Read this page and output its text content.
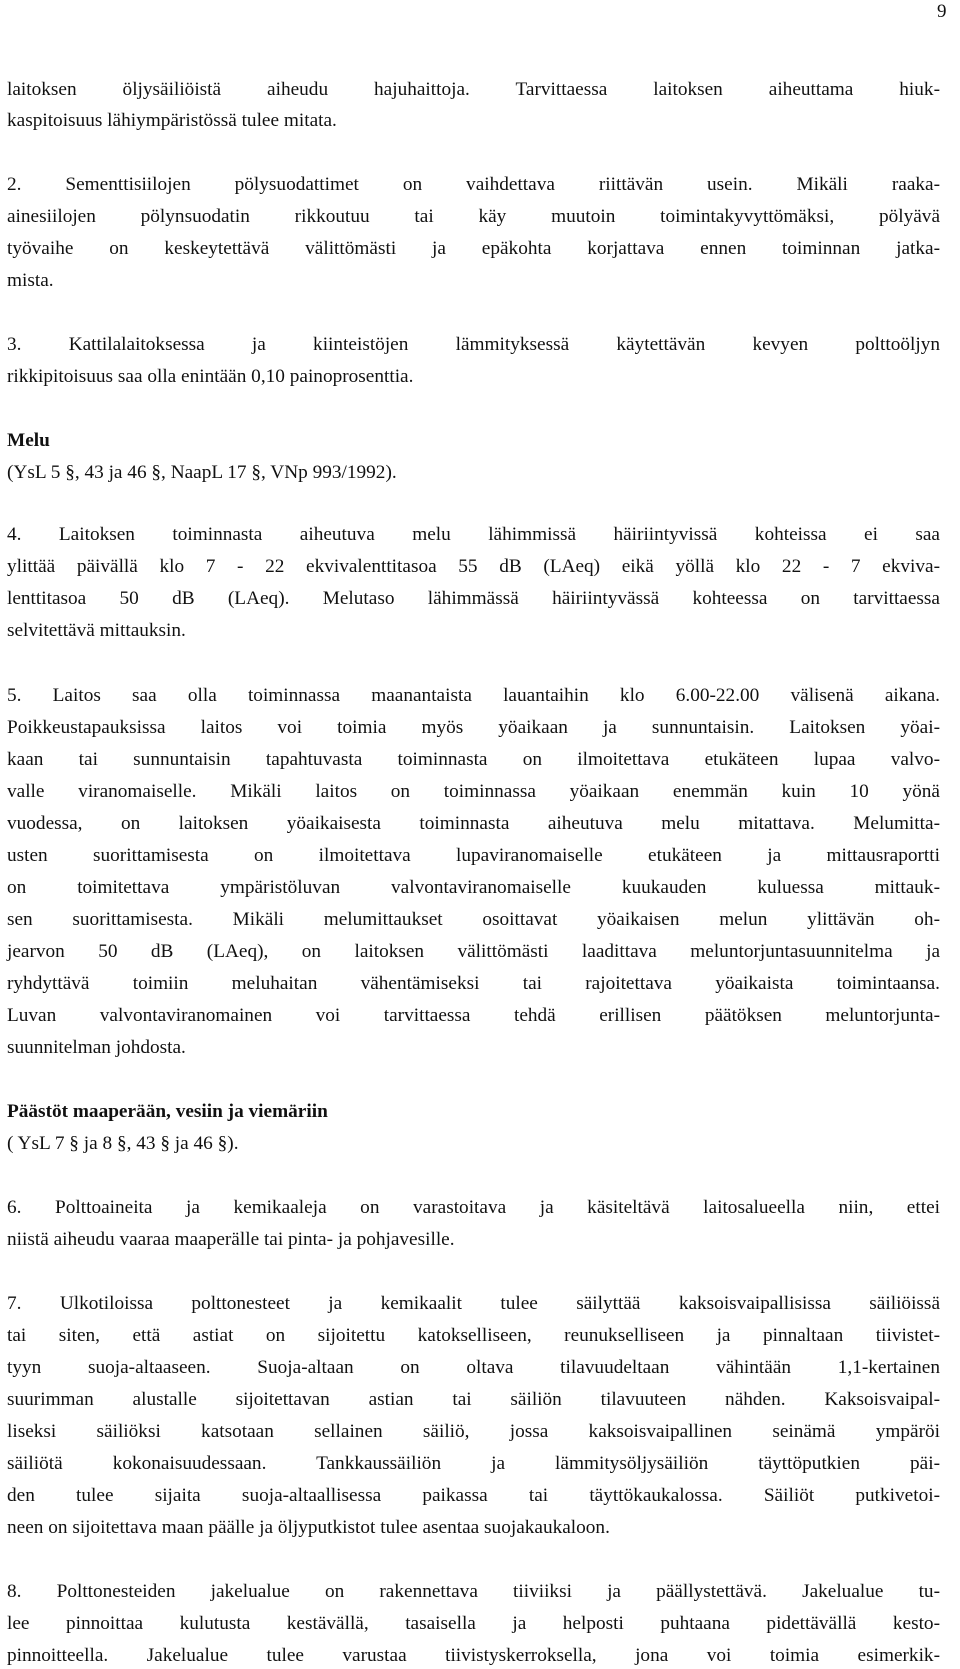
9
laitoksen öljysäiliöistä aiheudu hajuhaittoja. Tarvittaessa laitoksen aiheuttama hiuk-
kaspitoisuus lähiympäristössä tulee mitata.
2. Sementtisiilojen pölysuodattimet on vaihdettava riittävän usein. Mikäli raaka-
ainesiilojen pölynsuodatin rikkoutuu tai käy muutoin toimintakyvyttömäksi, pölyävä
työvaihe on keskeytettävä välittömästi ja epäkohta korjattava ennen toiminnan jatka-
mista.
3. Kattilalaitoksessa ja kiinteistöjen lämmityksessä käytettävän kevyen polttoöljyn
rikkipitoisuus saa olla enintään 0,10 painoprosenttia.
Melu
(YsL 5 §, 43 ja 46 §, NaapL 17 §, VNp 993/1992).
4. Laitoksen toiminnasta aiheutuva melu lähimmissä häiriintyvissä kohteissa ei saa
ylittää päivällä klo 7 - 22 ekvivalenttitasoa 55 dB (LAeq) eikä yöllä klo 22 - 7 ekviva-
lenttitasoa 50 dB (LAeq). Melutaso lähimmässä häiriintyvässä kohteessa on tarvittaessa
selvitettävä mittauksin.
5. Laitos saa olla toiminnassa maanantaista lauantaihin klo 6.00-22.00 välisenä aikana.
Poikkeustapauksissa laitos voi toimia myös yöaikaan ja sunnuntaisin. Laitoksen yöai-
kaan tai sunnuntaisin tapahtuvasta toiminnasta on ilmoitettava etukäteen lupaa valvo-
valle viranomaiselle. Mikäli laitos on toiminnassa yöaikaan enemmän kuin 10 yönä
vuodessa, on laitoksen yöaikaisesta toiminnasta aiheutuva melu mitattava. Melumitta-
usten suorittamisesta on ilmoitettava lupaviranomaiselle etukäteen ja mittausraportti
on toimitettava ympäristöluvan valvontaviranomaiselle kuukauden kuluessa mittauk-
sen suorittamisesta. Mikäli melumittaukset osoittavat yöaikaisen melun ylittävän oh-
jearvon 50 dB (LAeq), on laitoksen välittömästi laadittava meluntorjuntasuunnitelma ja
ryhdyttävä toimiin meluhaitan vähentämiseksi tai rajoitettava yöaikaista toimintaansa.
Luvan valvontaviranomainen voi tarvittaessa tehdä erillisen päätöksen meluntorjunta-
suunnitelman johdosta.
Päästöt maaperään, vesiin ja viemäriin
( YsL 7 § ja 8 §, 43 § ja 46 §).
6. Polttoaineita ja kemikaaleja on varastoitava ja käsiteltävä laitosalueella niin, ettei
niistä aiheudu vaaraa maaperälle tai pinta- ja pohjavesille.
7. Ulkotiloissa polttonesteet ja kemikaalit tulee säilyttää kaksoisvaipallisissa säiliöissä
tai siten, että astiat on sijoitettu katokselliseen, reunukselliseen ja pinnaltaan tiivistet-
tyyn suoja-altaaseen. Suoja-altaan on oltava tilavuudeltaan vähintään 1,1-kertainen
suurimman alustalle sijoitettavan astian tai säiliön tilavuuteen nähden. Kaksoisvaipal-
liseksi säiliöksi katsotaan sellainen säiliö, jossa kaksoisvaipallinen seinämä ympäröi
säiliötä kokonaisuudessaan. Tankkaussäiliön ja lämmitysöljysäiliön täyttöputkien päi-
den tulee sijaita suoja-altaallisessa paikassa tai täyttökaukalossa. Säiliöt putkivetoi-
neen on sijoitettava maan päälle ja öljyputkistot tulee asentaa suojakaukaloon.
8. Polttonesteiden jakelualue on rakennettava tiiviiksi ja päällystettävä. Jakelualue tu-
lee pinnoittaa kulutusta kestävällä, tasaisella ja helposti puhtaana pidettävällä kesto-
pinnoitteella. Jakelualue tulee varustaa tiivistyskerroksella, jona voi toimia esimerkik-
